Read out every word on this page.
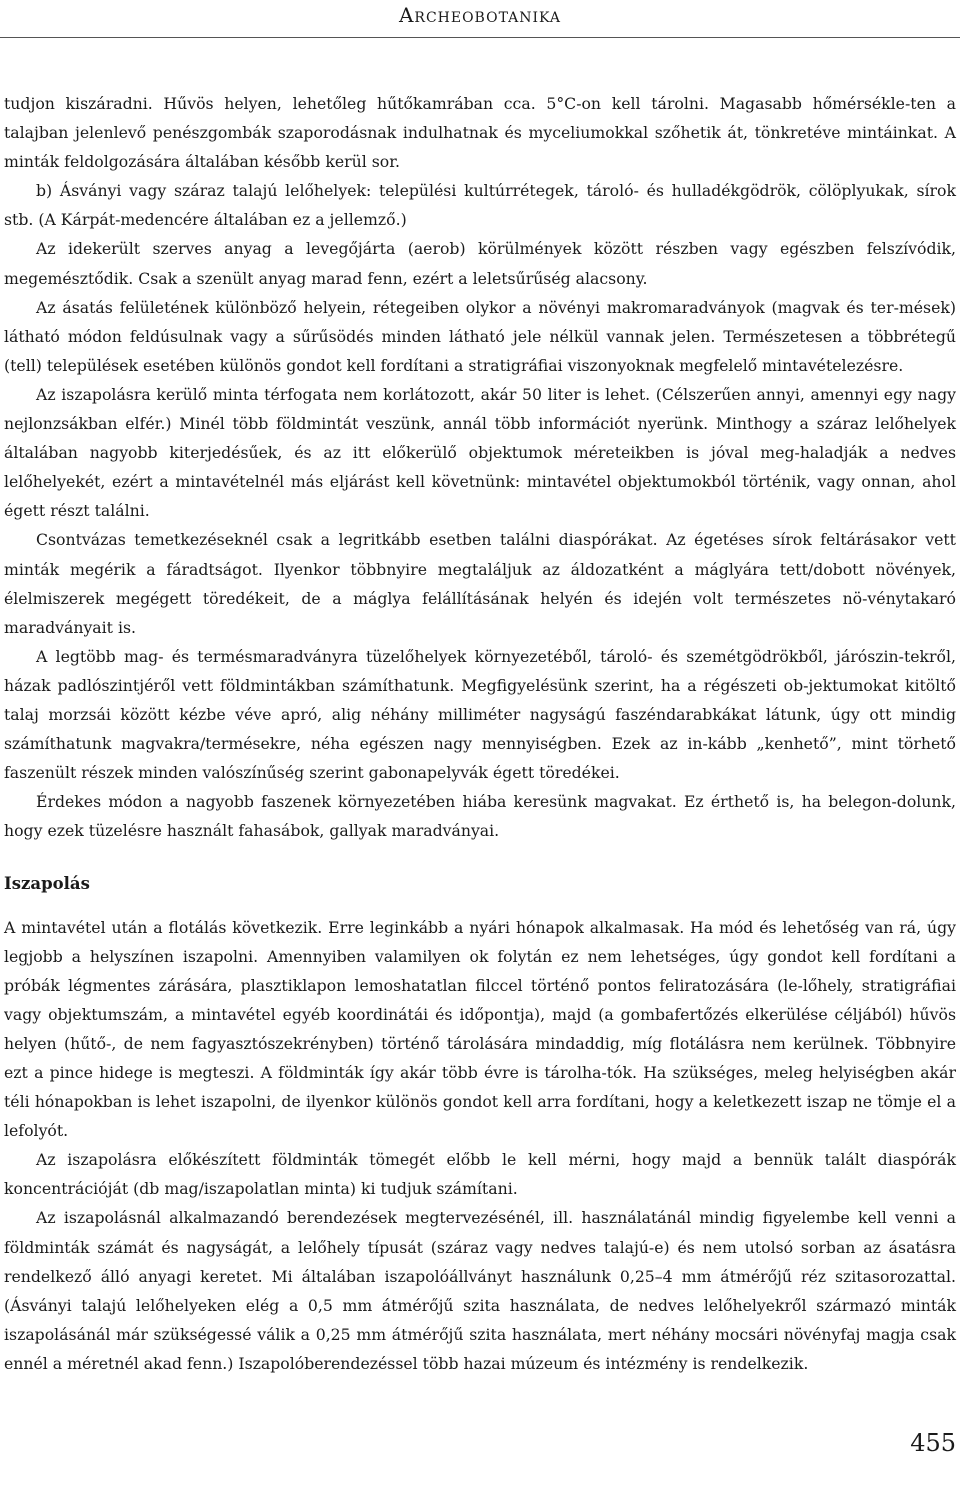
Archeobotanika

tudjon kiszáradni. Hűvös helyen, lehetőleg hűtőkamrában cca. 5°C-on kell tárolni. Magasabb hőmérsékle-ten a talajban jelenlevő penészgombák szaporodásnak indulhatnak és myceliumokkal szőhetik át, tönkretéve mintáinkat. A minták feldolgozására általában később kerül sor.

b) Ásványi vagy száraz talajú lelőhelyek: települési kultúrrétegek, tároló- és hulladékgödrök, cölöplyukak, sírok stb. (A Kárpát-medencére általában ez a jellemző.)

Az idekerült szerves anyag a levegőjárta (aerob) körülmények között részben vagy egészben felszívódik, megemésztődik. Csak a szenült anyag marad fenn, ezért a leletsűrűség alacsony.

Az ásatás felületének különböző helyein, rétegeiben olykor a növényi makromaradványok (magvak és ter-mések) látható módon feldúsulnak vagy a sűrűsödés minden látható jele nélkül vannak jelen. Természetesen a többrétegű (tell) települések esetében különös gondot kell fordítani a stratigráfiai viszonyoknak megfelelő mintavételezésre.

Az iszapolásra kerülő minta térfogata nem korlátozott, akár 50 liter is lehet. (Célszerűen annyi, amennyi egy nagy nejlonzsákban elfér.) Minél több földmintát veszünk, annál több információt nyerünk. Minthogy a száraz lelőhelyek általában nagyobb kiterjedésűek, és az itt előkerülő objektumok méreteikben is jóval meg-haladják a nedves lelőhelyekét, ezért a mintavételnél más eljárást kell követnünk: mintavétel objektumokból történik, vagy onnan, ahol égett részt találni.

Csontvázas temetkezéseknél csak a legritkább esetben találni diaspórákat. Az égetéses sírok feltárásakor vett minták megérik a fáradtságot. Ilyenkor többnyire megtaláljuk az áldozatként a máglyára tett/dobott növények, élelmiszerek megégett töredékeit, de a máglya felállításának helyén és idején volt természetes nö-vénytakaró maradványait is.

A legtöbb mag- és termésmaradványra tüzelőhelyek környezetéből, tároló- és szemétgödrökből, járószin-tekről, házak padlószintjéről vett földmintákban számíthatunk. Megfigyelésünk szerint, ha a régészeti ob-jektumokat kitöltő talaj morzsái között kézbe véve apró, alig néhány milliméter nagyságú faszéndarabkákat látunk, úgy ott mindig számíthatunk magvakra/termésekre, néha egészen nagy mennyiségben. Ezek az in-kább „kenhető”, mint törhető faszenült részek minden valószínűség szerint gabonapelyvák égett töredékei.

Érdekes módon a nagyobb faszenek környezetében hiába keresünk magvakat. Ez érthető is, ha belegon-dolunk, hogy ezek tüzelésre használt fahasábok, gallyak maradványai.

Iszapolás

A mintavétel után a flotálás következik. Erre leginkább a nyári hónapok alkalmasak. Ha mód és lehetőség van rá, úgy legjobb a helyszínen iszapolni. Amennyiben valamilyen ok folytán ez nem lehetséges, úgy gondot kell fordítani a próbák légmentes zárására, plasztiklapon lemoshatatlan filccel történő pontos feliratozására (le-lőhely, stratigráfiai vagy objektumszám, a mintavétel egyéb koordinátái és időpontja), majd (a gombafertőzés elkerülése céljából) hűvös helyen (hűtő-, de nem fagyasztószekrényben) történő tárolására mindaddig, míg flotálásra nem kerülnek. Többnyire ezt a pince hidege is megteszi. A földminták így akár több évre is tárolha-tók. Ha szükséges, meleg helyiségben akár téli hónapokban is lehet iszapolni, de ilyenkor különös gondot kell arra fordítani, hogy a keletkezett iszap ne tömje el a lefolyót.

Az iszapolásra előkészített földminták tömegét előbb le kell mérni, hogy majd a bennük talált diaspórák koncentrációját (db mag/iszapolatlan minta) ki tudjuk számítani.

Az iszapolásnál alkalmazandó berendezések megtervezésénél, ill. használatánál mindig figyelembe kell venni a földminták számát és nagyságát, a lelőhely típusát (száraz vagy nedves talajú-e) és nem utolsó sorban az ásatásra rendelkező álló anyagi keretet. Mi általában iszapolóállványt használunk 0,25–4 mm átmérőjű réz szitasorozattal. (Ásványi talajú lelőhelyeken elég a 0,5 mm átmérőjű szita használata, de nedves lelőhelyekről származó minták iszapolásánál már szükségessé válik a 0,25 mm átmérőjű szita használata, mert néhány mocsári növényfaj magja csak ennél a méretnél akad fenn.) Iszapolóberendezéssel több hazai múzeum és intézmény is rendelkezik.

455
